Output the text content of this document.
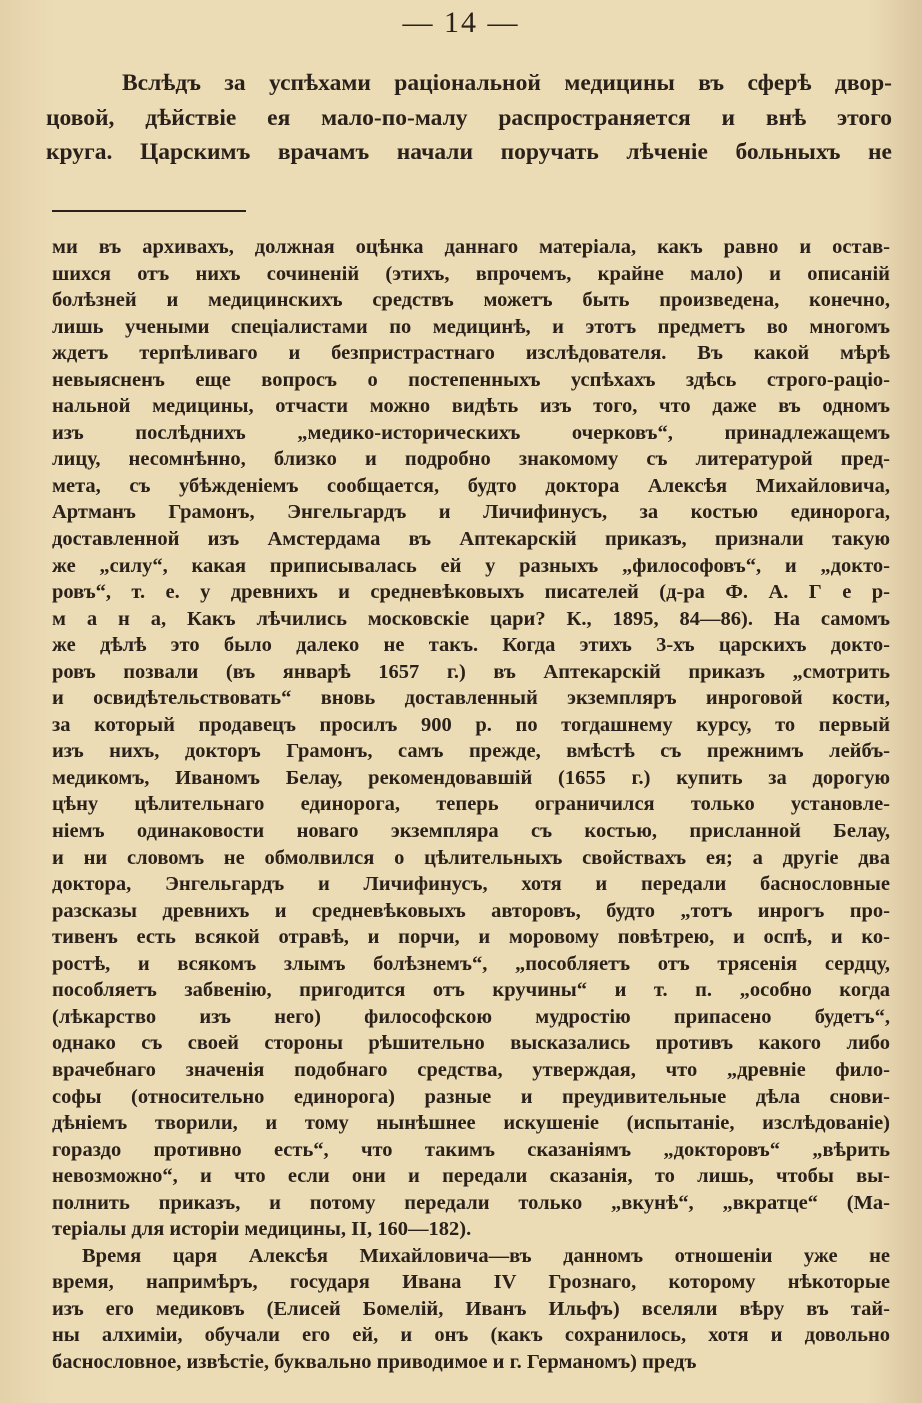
— 14 —
Вслѣдъ за успѣхами раціональной медицины въ сферѣ двор-
цовой, дѣйствіе ея мало-по-малу распространяется и внѣ этого
круга. Царскимъ врачамъ начали поручать лѣченіе больныхъ не
ми въ архивахъ, должная оцѣнка даннаго матеріала, какъ равно и остав-
шихся отъ нихъ сочиненій (этихъ, впрочемъ, крайне мало) и описаній
болѣзней и медицинскихъ средствъ можетъ быть произведена, конечно,
лишь учеными спеціалистами по медицинѣ, и этотъ предметъ во многомъ
ждетъ терпѣливаго и безпристрастнаго изслѣдователя. Въ какой мѣрѣ
невыясненъ еще вопросъ о постепенныхъ успѣхахъ здѣсь строго-раціо-
нальной медицины, отчасти можно видѣть изъ того, что даже въ одномъ
изъ послѣднихъ „медико-историческихъ очерковъ“, принадлежащемъ
лицу, несомнѣнно, близко и подробно знакомому съ литературой пред-
мета, съ убѣжденіемъ сообщается, будто доктора Алексѣя Михайловича,
Артманъ Грамонъ, Энгельгардъ и Личифинусъ, за костью единорога,
доставленной изъ Амстердама въ Аптекарскій приказъ, признали такую
же „силу“, какая приписывалась ей у разныхъ „философовъ“, и „докто-
ровъ“, т. е. у древнихъ и средневѣковыхъ писателей (д-ра Ф. А. Г е р-
м а н а, Какъ лѣчились московскіе цари? К., 1895, 84—86). На самомъ
же дѣлѣ это было далеко не такъ. Когда этихъ 3-хъ царскихъ докто-
ровъ позвали (въ январѣ 1657 г.) въ Аптекарскій приказъ „смотрить
и освидѣтельствовать“ вновь доставленный экземпляръ инроговой кости,
за который продавецъ просилъ 900 р. по тогдашнему курсу, то первый
изъ нихъ, докторъ Грамонъ, самъ прежде, вмѣстѣ съ прежнимъ лейбъ-
медикомъ, Иваномъ Белау, рекомендовавшій (1655 г.) купить за дорогую
цѣну цѣлительнаго единорога, теперь ограничился только установле-
ніемъ одинаковости новаго экземпляра съ костью, присланной Белау,
и ни словомъ не обмолвился о цѣлительныхъ свойствахъ ея; а другіе два
доктора, Энгельгардъ и Личифинусъ, хотя и передали баснословные
разсказы древнихъ и средневѣковыхъ авторовъ, будто „тотъ инрогъ про-
тивенъ есть всякой отравѣ, и порчи, и моровому повѣтрею, и оспѣ, и ко-
ростѣ, и всякомъ злымъ болѣзнемъ“, „пособляетъ отъ трясенія сердцу,
пособляетъ забвенію, пригодится отъ кручины“ и т. п. „особно когда
(лѣкарство изъ него) философскою мудростію припасено будетъ“,
однако съ своей стороны рѣшительно высказались противъ какого либо
врачебнаго значенія подобнаго средства, утверждая, что „древніе фило-
софы (относительно единорога) разные и преудивительные дѣла снови-
дѣніемъ творили, и тому нынѣшнее искушеніе (испытаніе, изслѣдованіе)
гораздо противно есть“, что такимъ сказаніямъ „докторовъ“ „вѣрить
невозможно“, и что если они и передали сказанія, то лишь, чтобы вы-
полнить приказъ, и потому передали только „вкунѣ“, „вкратце“ (Ма-
теріалы для исторіи медицины, II, 160—182).
Время царя Алексѣя Михайловича—въ данномъ отношеніи уже не
время, напримѣръ, государя Ивана IV Грознаго, которому нѣкоторые
изъ его медиковъ (Елисей Бомелій, Иванъ Ильфъ) вселяли вѣру въ тай-
ны алхиміи, обучали его ей, и онъ (какъ сохранилось, хотя и довольно
баснословное, извѣстіе, буквально приводимое и г. Германомъ) предъ
